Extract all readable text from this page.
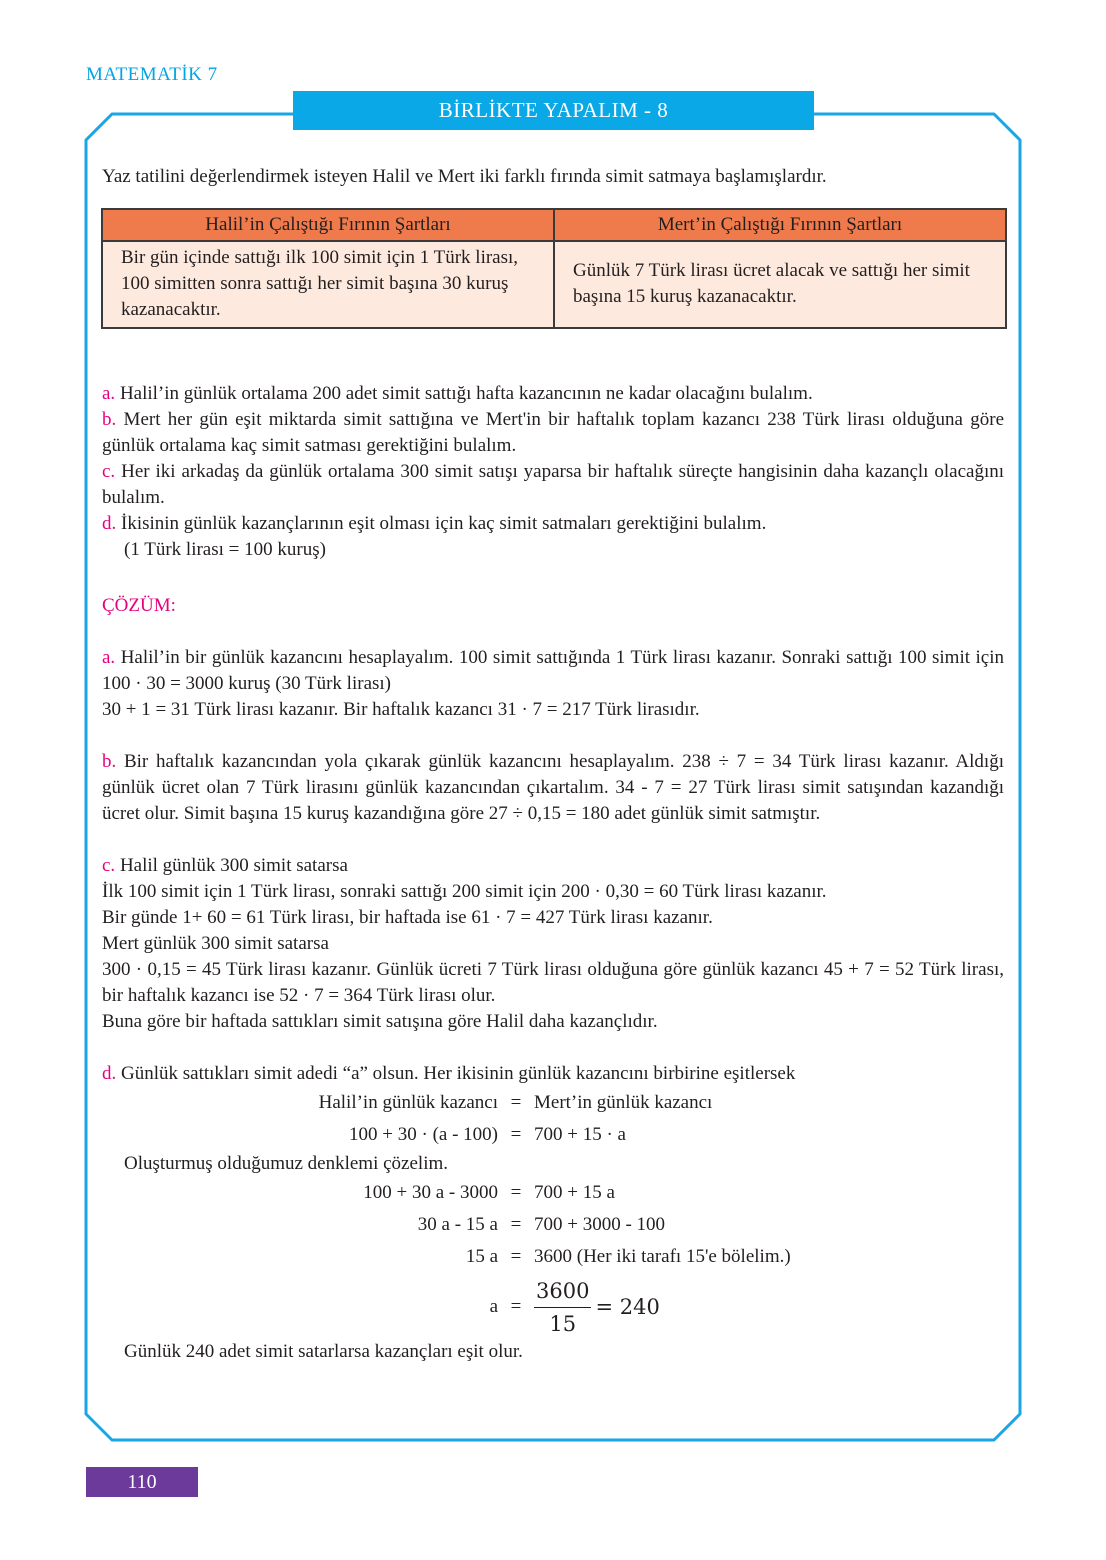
MATEMATİK 7
BİRLİKTE YAPALIM - 8

Yaz tatilini değerlendirmek isteyen Halil ve Mert iki farklı fırında simit satmaya başlamışlardır.

Halil’in Çalıştığı Fırının Şartları	Mert’in Çalıştığı Fırının Şartları
Bir gün içinde sattığı ilk 100 simit için 1 Türk lirası, 100 simitten sonra sattığı her simit başına 30 kuruş kazanacaktır.	Günlük 7 Türk lirası ücret alacak ve sattığı her simit başına 15 kuruş kazanacaktır.

a. Halil’in günlük ortalama 200 adet simit sattığı hafta kazancının ne kadar olacağını bulalım.

b. Mert her gün eşit miktarda simit sattığına ve Mert'in bir haftalık toplam kazancı 238 Türk lirası olduğuna göre günlük ortalama kaç simit satması gerektiğini bulalım.

c. Her iki arkadaş da günlük ortalama 300 simit satışı yaparsa bir haftalık süreçte hangisinin daha kazançlı olacağını bulalım.

d. İkisinin günlük kazançlarının eşit olması için kaç simit satmaları gerektiğini bulalım.

(1 Türk lirası = 100 kuruş)

ÇÖZÜM:

a. Halil’in bir günlük kazancını hesaplayalım. 100 simit sattığında 1 Türk lirası kazanır. Sonraki sattığı 100 simit için 100 · 30 = 3000 kuruş (30 Türk lirası)

30 + 1 = 31 Türk lirası kazanır. Bir haftalık kazancı 31 · 7 = 217 Türk lirasıdır.

b. Bir haftalık kazancından yola çıkarak günlük kazancını hesaplayalım. 238 ÷ 7 = 34 Türk lirası kazanır. Aldığı günlük ücret olan 7 Türk lirasını günlük kazancından çıkartalım. 34 - 7 = 27 Türk lirası simit satışından kazandığı ücret olur. Simit başına 15 kuruş kazandığına göre 27 ÷ 0,15 = 180 adet günlük simit satmıştır.

c. Halil günlük 300 simit satarsa

İlk 100 simit için 1 Türk lirası, sonraki sattığı 200 simit için 200 · 0,30 = 60 Türk lirası kazanır.

Bir günde 1+ 60 = 61 Türk lirası, bir haftada ise 61 · 7 = 427 Türk lirası kazanır.

Mert günlük 300 simit satarsa

300 · 0,15 = 45 Türk lirası kazanır. Günlük ücreti 7 Türk lirası olduğuna göre günlük kazancı 45 + 7 = 52 Türk lirası, bir haftalık kazancı ise 52 · 7 = 364 Türk lirası olur.

Buna göre bir haftada sattıkları simit satışına göre Halil daha kazançlıdır.

d. Günlük sattıkları simit adedi “a” olsun. Her ikisinin günlük kazancını birbirine eşitlersek

Halil’in günlük kazancı = Mert’in günlük kazancı
100 + 30 · (a - 100) = 700 + 15 · a

Oluşturmuş olduğumuz denklemi çözelim.

100 + 30 a - 3000 = 700 + 15 a
30 a - 15 a = 700 + 3000 - 100
15 a = 3600 (Her iki tarafı 15'e bölelim.)
$a = \frac{3600}{15} = 240$

Günlük 240 adet simit satarlarsa kazançları eşit olur.

110
